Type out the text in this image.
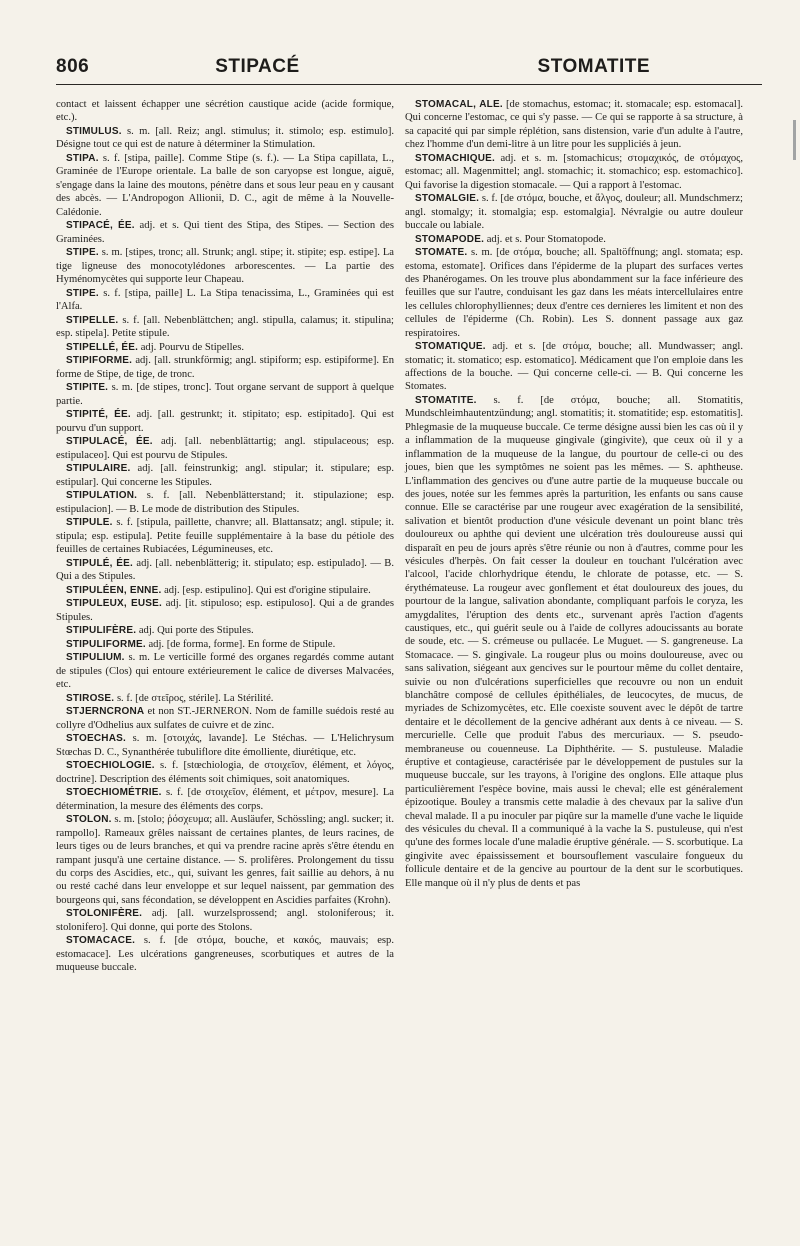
806	STIPACÉ	STOMATITE

contact et laissent échapper une sécrétion caustique acide (acide formique, etc.).

STIMULUS. s. m. [all. Reiz; angl. stimulus; it. stimolo; esp. estimulo]. Désigne tout ce qui est de nature à déterminer la Stimulation.

STIPA. s. f. [stipa, paille]. Comme Stipe (s. f.). — La Stipa capillata, L., Graminée de l'Europe orientale. La balle de son caryopse est longue, aiguë, s'engage dans la laine des moutons, pénètre dans et sous leur peau en y causant des abcès. — L'Andropogon Allionii, D. C., agit de même à la Nouvelle-Calédonie.

STIPACÉ, ÉE. adj. et s. Qui tient des Stipa, des Stipes. — Section des Graminées.

STIPE. s. m. [stipes, tronc; all. Strunk; angl. stipe; it. stipite; esp. estipe]. La tige ligneuse des monocotylédones arborescentes. — La partie des Hyménomycètes qui supporte leur Chapeau.

STIPE. s. f. [stipa, paille] L. La Stipa tenacissima, L., Graminées qui est l'Alfa.

STIPELLE. s. f. [all. Nebenblättchen; angl. stipulla, calamus; it. stipulina; esp. stipela]. Petite stipule.

STIPELLÉ, ÉE. adj. Pourvu de Stipelles.

STIPIFORME. adj. [all. strunkförmig; angl. stipiform; esp. estipiforme]. En forme de Stipe, de tige, de tronc.

STIPITE. s. m. [de stipes, tronc]. Tout organe servant de support à quelque partie.

STIPITÉ, ÉE. adj. [all. gestrunkt; it. stipitato; esp. estipitado]. Qui est pourvu d'un support.

STIPULACÉ, ÉE. adj. [all. nebenblättartig; angl. stipulaceous; esp. estipulaceo]. Qui est pourvu de Stipules.

STIPULAIRE. adj. [all. feinstrunkig; angl. stipular; it. stipulare; esp. estipular]. Qui concerne les Stipules.

STIPULATION. s. f. [all. Nebenblätterstand; it. stipulazione; esp. estipulacion]. — B. Le mode de distribution des Stipules.

STIPULE. s. f. [stipula, paillette, chanvre; all. Blattansatz; angl. stipule; it. stipula; esp. estipula]. Petite feuille supplémentaire à la base du pétiole des feuilles de certaines Rubiacées, Légumineuses, etc.

STIPULÉ, ÉE. adj. [all. nebenblätterig; it. stipulato; esp. estipulado]. — B. Qui a des Stipules.

STIPULÉEN, ENNE. adj. [esp. estipulino]. Qui est d'origine stipulaire.

STIPULEUX, EUSE. adj. [it. stipuloso; esp. estipuloso]. Qui a de grandes Stipules.

STIPULIFÈRE. adj. Qui porte des Stipules.

STIPULIFORME. adj. [de forma, forme]. En forme de Stipule.

STIPULIUM. s. m. Le verticille formé des organes regardés comme autant de stipules (Clos) qui entoure extérieurement le calice de diverses Malvacées, etc.

STIROSE. s. f. [de στεῖρος, stérile]. La Stérilité.

STJERNCRONA et non ST.-JERNERON. Nom de famille suédois resté au collyre d'Odhelius aux sulfates de cuivre et de zinc.

STOECHAS. s. m. [στοιχάς, lavande]. Le Stéchas. — L'Helichrysum Stœchas D. C., Synanthérée tubuliflore dite émolliente, diurétique, etc.

STOECHIOLOGIE. s. f. [stœchiologia, de στοιχεῖον, élément, et λόγος, doctrine]. Description des éléments soit chimiques, soit anatomiques.

STOECHIOMÉTRIE. s. f. [de στοιχεῖον, élément, et μέτρον, mesure]. La détermination, la mesure des éléments des corps.

STOLON. s. m. [stolo; ῥόσχευμα; all. Ausläufer, Schössling; angl. sucker; it. rampollo]. Rameaux grêles naissant de certaines plantes, de leurs racines, de leurs tiges ou de leurs branches, et qui va prendre racine après s'être étendu en rampant jusqu'à une certaine distance. — S. prolifères. Prolongement du tissu du corps des Ascidies, etc., qui, suivant les genres, fait saillie au dehors, à nu ou resté caché dans leur enveloppe et sur lequel naissent, par gemmation des bourgeons qui, sans fécondation, se développent en Ascidies parfaites (Krohn).

STOLONIFÈRE. adj. [all. wurzelsprossend; angl. stoloniferous; it. stolonifero]. Qui donne, qui porte des Stolons.

STOMACACE. s. f. [de στόμα, bouche, et κακός, mauvais; esp. estomacace]. Les ulcérations gangreneuses, scorbutiques et autres de la muqueuse buccale.

STOMACAL, ALE. [de stomachus, estomac; it. stomacale; esp. estomacal]. Qui concerne l'estomac, ce qui s'y passe. — Ce qui se rapporte à sa structure, à sa capacité qui par simple réplétion, sans distension, varie d'un adulte à l'autre, chez l'homme d'un demi-litre à un litre pour les suppliciés à jeun.

STOMACHIQUE. adj. et s. m. [stomachicus; στομαχικός, de στόμαχος, estomac; all. Magenmittel; angl. stomachic; it. stomachico; esp. estomachico]. Qui favorise la digestion stomacale. — Qui a rapport à l'estomac.

STOMALGIE. s. f. [de στόμα, bouche, et ἄλγος, douleur; all. Mundschmerz; angl. stomalgy; it. stomalgia; esp. estomalgia]. Névralgie ou autre douleur buccale ou labiale.

STOMAPODE. adj. et s. Pour Stomatopode.

STOMATE. s. m. [de στόμα, bouche; all. Spaltöffnung; angl. stomata; esp. estoma, estomate]. Orifices dans l'épiderme de la plupart des surfaces vertes des Phanérogames. On les trouve plus abondamment sur la face inférieure des feuilles que sur l'autre, conduisant les gaz dans les méats intercellulaires entre les cellules chlorophylliennes; deux d'entre ces dernieres les limitent et non des cellules de l'épiderme (Ch. Robin). Les S. donnent passage aux gaz respiratoires.

STOMATIQUE. adj. et s. [de στόμα, bouche; all. Mundwasser; angl. stomatic; it. stomatico; esp. estomatico]. Médicament que l'on emploie dans les affections de la bouche. — Qui concerne celle-ci. — B. Qui concerne les Stomates.

STOMATITE. s. f. [de στόμα, bouche; all. Stomatitis, Mundschleimhautentzündung; angl. stomatitis; it. stomatitide; esp. estomatitis]. Phlegmasie de la muqueuse buccale. Ce terme désigne aussi bien les cas où il y a inflammation de la muqueuse gingivale (gingivite), que ceux où il y a inflammation de la muqueuse de la langue, du pourtour de celle-ci ou des joues, bien que les symptômes ne soient pas les mêmes. — S. aphtheuse. L'inflammation des gencives ou d'une autre partie de la muqueuse buccale ou des joues, notée sur les femmes après la parturition, les enfants ou sans cause connue. Elle se caractérise par une rougeur avec exagération de la sensibilité, salivation et bientôt production d'une vésicule devenant un point blanc très douloureux ou aphthe qui devient une ulcération très douloureuse aussi qui disparaît en peu de jours après s'être réunie ou non à d'autres, comme pour les vésicules d'herpès. On fait cesser la douleur en touchant l'ulcération avec l'alcool, l'acide chlorhydrique étendu, le chlorate de potasse, etc. — S. érythémateuse. La rougeur avec gonflement et état douloureux des joues, du pourtour de la langue, salivation abondante, compliquant parfois le coryza, les amygdalites, l'éruption des dents etc., survenant après l'action d'agents caustiques, etc., qui guérit seule ou à l'aide de collyres adoucissants au borate de soude, etc. — S. crémeuse ou pullacée. Le Muguet. — S. gangreneuse. La Stomacace. — S. gingivale. La rougeur plus ou moins douloureuse, avec ou sans salivation, siégeant aux gencives sur le pourtour même du collet dentaire, suivie ou non d'ulcérations superficielles que recouvre ou non un enduit blanchâtre composé de cellules épithéliales, de leucocytes, de mucus, de myriades de Schizomycètes, etc. Elle coexiste souvent avec le dépôt de tartre dentaire et le décollement de la gencive adhérant aux dents à ce niveau. — S. mercurielle. Celle que produit l'abus des mercuriaux. — S. pseudo-membraneuse ou couenneuse. La Diphthérite. — S. pustuleuse. Maladie éruptive et contagieuse, caractérisée par le développement de pustules sur la muqueuse buccale, sur les trayons, à l'origine des onglons. Elle attaque plus particulièrement l'espèce bovine, mais aussi le cheval; elle est généralement épizootique. Bouley a transmis cette maladie à des chevaux par la salive d'un cheval malade. Il a pu inoculer par piqûre sur la mamelle d'une vache le liquide des vésicules du cheval. Il a communiqué à la vache la S. pustuleuse, qui n'est qu'une des formes locale d'une maladie éruptive générale. — S. scorbutique. La gingivite avec épaississement et boursouflement vasculaire fongueux du follicule dentaire et de la gencive au pourtour de la dent sur le scorbutiques. Elle manque où il n'y plus de dents et pas
